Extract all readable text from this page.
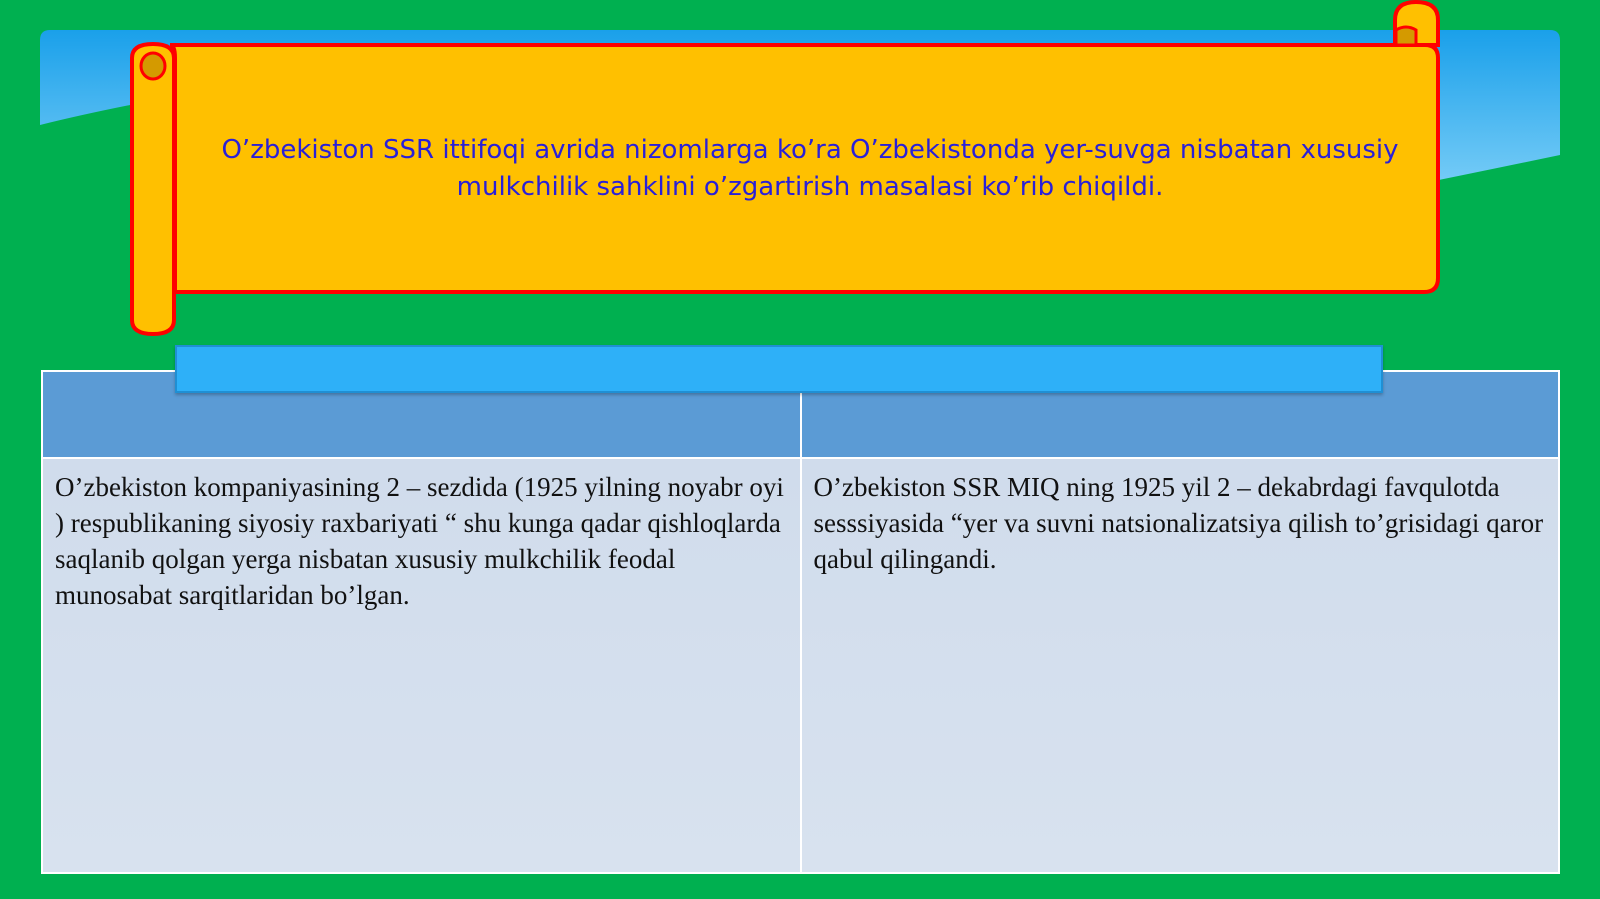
O’zbekiston SSR ittifoqi avrida nizomlarga ko’ra O’zbekistonda yer-suvga nisbatan xususiy mulkchilik sahklini o’zgartirish masalasi ko’rib chiqildi.

O’zbekiston kompaniyasining 2 – sezdida (1925 yilning noyabr oyi ) respublikaning siyosiy raxbariyati “ shu kunga qadar qishloqlarda saqlanib qolgan yerga nisbatan xususiy mulkchilik feodal munosabat sarqitlaridan bo’lgan.	O’zbekiston SSR MIQ ning 1925 yil 2 – dekabrdagi favqulotda sesssiyasida “yer va suvni natsionalizatsiya qilish to’grisidagi qaror qabul qilingandi.
